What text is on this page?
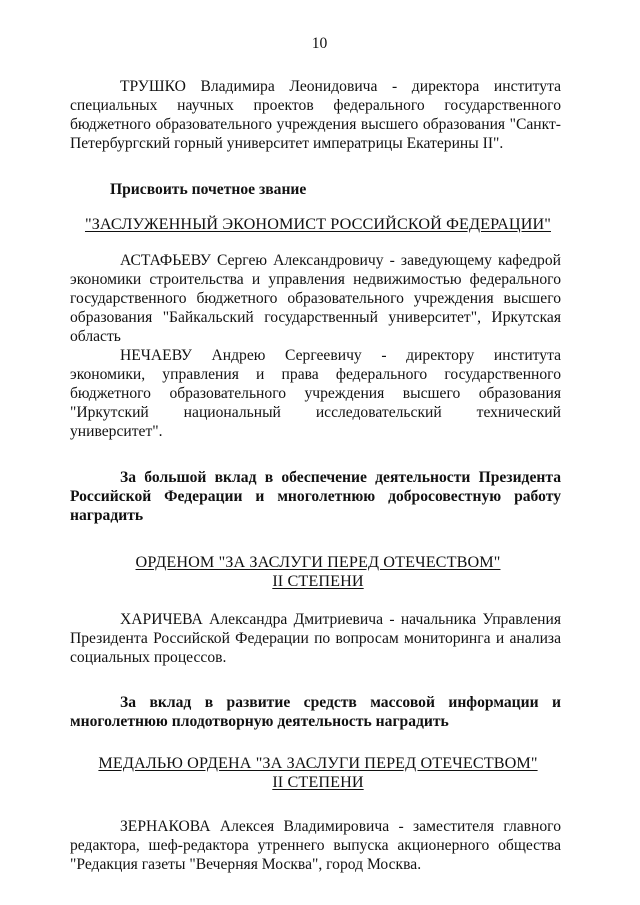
10

ТРУШКО Владимира Леонидовича - директора института специальных научных проектов федерального государственного бюджетного образовательного учреждения высшего образования "Санкт-Петербургский горный университет императрицы Екатерины II".

Присвоить почетное звание

"ЗАСЛУЖЕННЫЙ ЭКОНОМИСТ РОССИЙСКОЙ ФЕДЕРАЦИИ"

АСТАФЬЕВУ Сергею Александровичу - заведующему кафедрой экономики строительства и управления недвижимостью федерального государственного бюджетного образовательного учреждения высшего образования "Байкальский государственный университет", Иркутская область

НЕЧАЕВУ Андрею Сергеевичу - директору института экономики, управления и права федерального государственного бюджетного образовательного учреждения высшего образования "Иркутский национальный исследовательский технический университет".

За большой вклад в обеспечение деятельности Президента Российской Федерации и многолетнюю добросовестную работу наградить

ОРДЕНОМ "ЗА ЗАСЛУГИ ПЕРЕД ОТЕЧЕСТВОМ"

II СТЕПЕНИ

ХАРИЧЕВА Александра Дмитриевича - начальника Управления Президента Российской Федерации по вопросам мониторинга и анализа социальных процессов.

За вклад в развитие средств массовой информации и многолетнюю плодотворную деятельность наградить

МЕДАЛЬЮ ОРДЕНА "ЗА ЗАСЛУГИ ПЕРЕД ОТЕЧЕСТВОМ"

II СТЕПЕНИ

ЗЕРНАКОВА Алексея Владимировича - заместителя главного редактора, шеф-редактора утреннего выпуска акционерного общества "Редакция газеты "Вечерняя Москва", город Москва.
